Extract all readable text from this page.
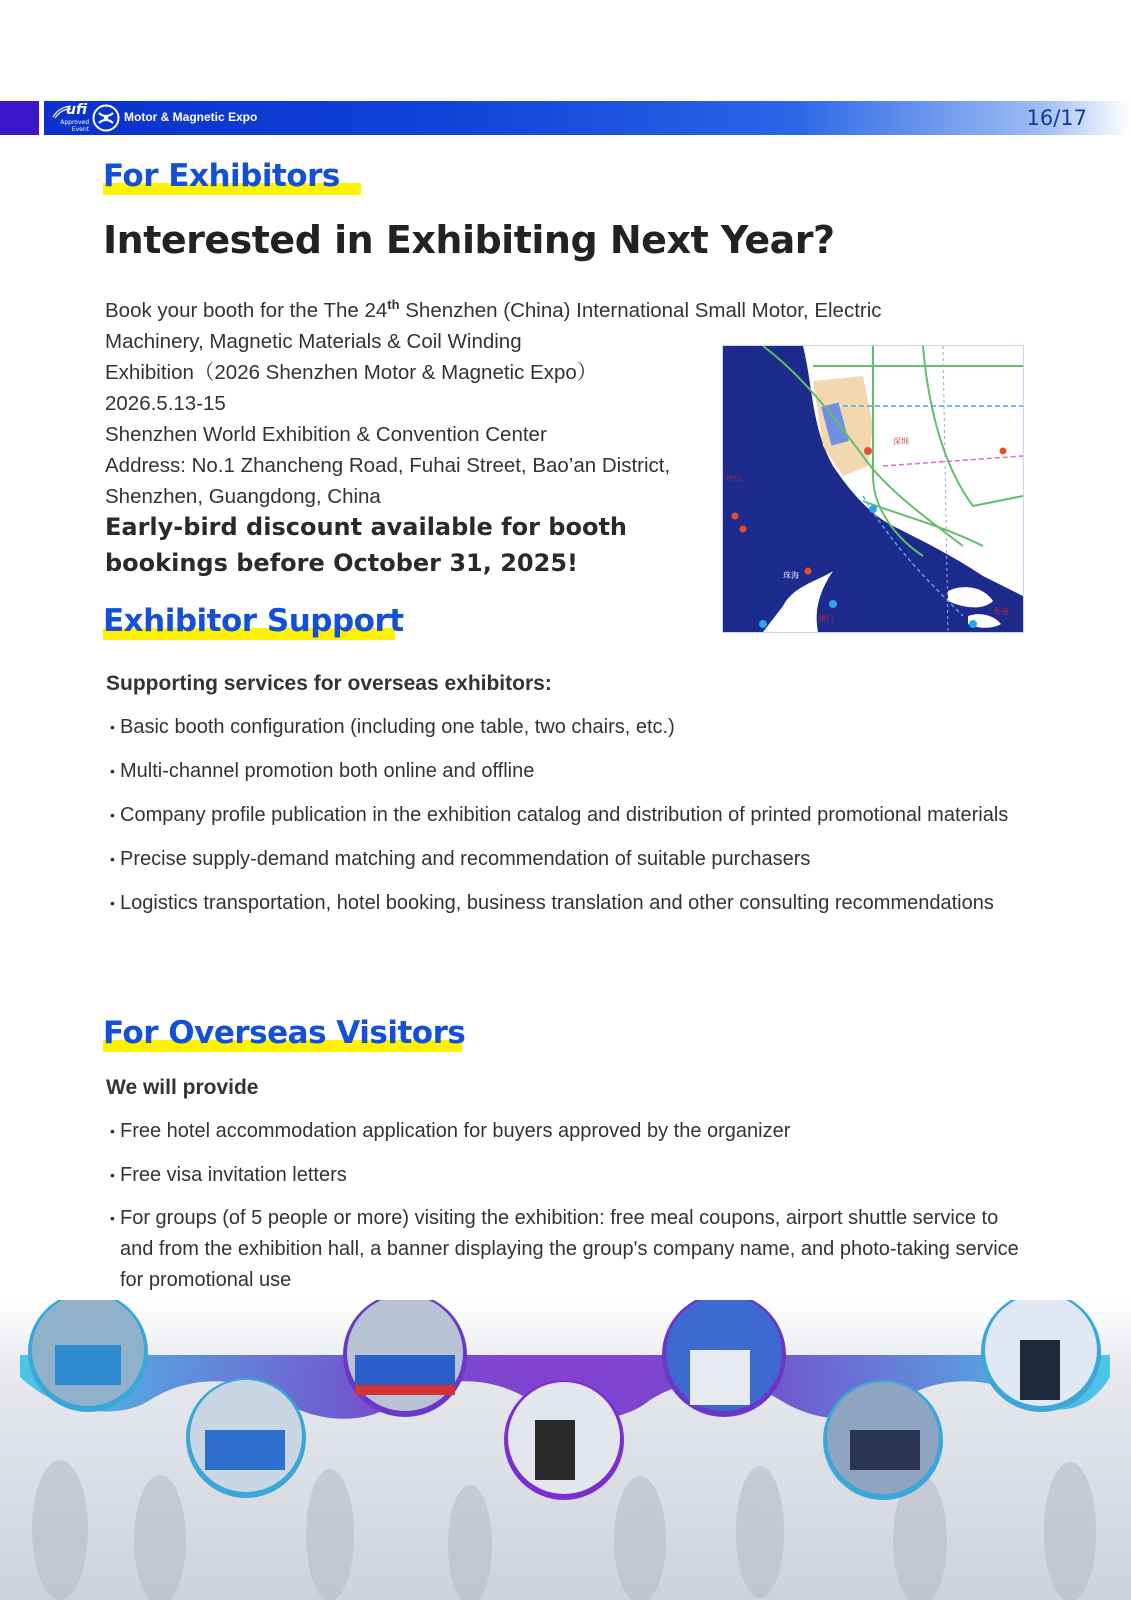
ufi
Approved Event
Motor & Magnetic Expo	16/17
For Exhibitors
Interested in Exhibiting Next Year?
Book your booth for the The 24th Shenzhen (China) International Small Motor, Electric
Machinery, Magnetic Materials & Coil Winding
Exhibition（2026 Shenzhen Motor & Magnetic Expo）
2026.5.13-15
Shenzhen World Exhibition & Convention Center
Address: No.1 Zhancheng Road, Fuhai Street, Bao’an District,
Shenzhen, Guangdong, China
Early-bird discount available for booth bookings before October 31, 2025!
深圳
中山
珠海
澳门
香港
Exhibitor Support
Supporting services for overseas exhibitors:
• Basic booth configuration (including one table, two chairs, etc.)
• Multi-channel promotion both online and offline
• Company profile publication in the exhibition catalog and distribution of printed promotional materials
• Precise supply-demand matching and recommendation of suitable purchasers
• Logistics transportation, hotel booking, business translation and other consulting recommendations
For Overseas Visitors
We will provide
• Free hotel accommodation application for buyers approved by the organizer
• Free visa invitation letters
• For groups (of 5 people or more) visiting the exhibition: free meal coupons, airport shuttle service to and from the exhibition hall, a banner displaying the group's company name, and photo-taking service for promotional use
